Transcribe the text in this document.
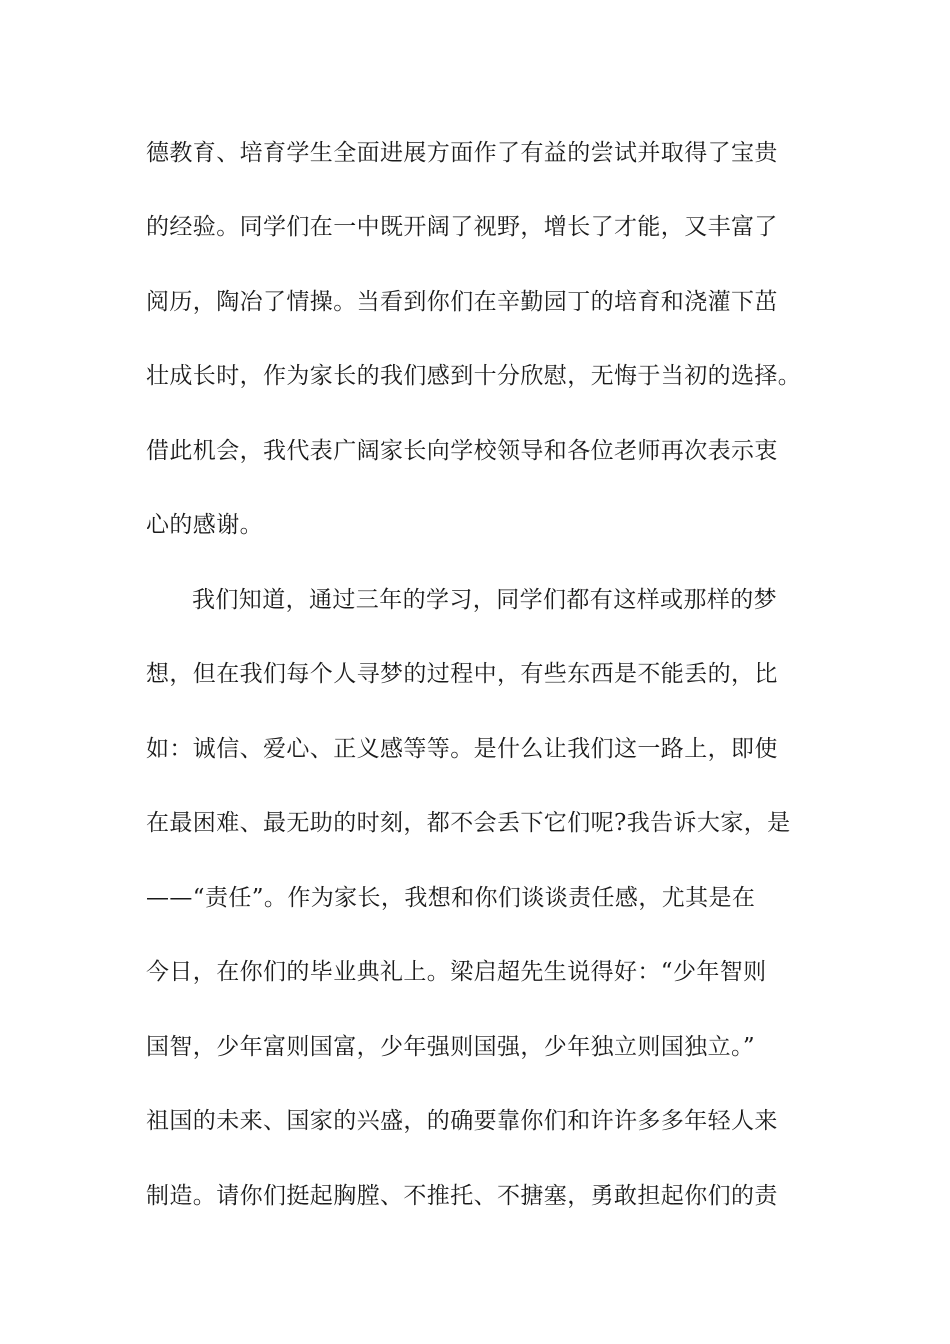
德教育、培育学生全面进展方面作了有益的尝试并取得了宝贵
的经验。同学们在一中既开阔了视野，增长了才能，又丰富了
阅历，陶冶了情操。当看到你们在辛勤园丁的培育和浇灌下茁
壮成长时，作为家长的我们感到十分欣慰，无悔于当初的选择。
借此机会，我代表广阔家长向学校领导和各位老师再次表示衷
心的感谢。
我们知道，通过三年的学习，同学们都有这样或那样的梦
想，但在我们每个人寻梦的过程中，有些东西是不能丢的，比
如：诚信、爱心、正义感等等。是什么让我们这一路上，即使
在最困难、最无助的时刻，都不会丢下它们呢?我告诉大家，是
——“责任”。作为家长，我想和你们谈谈责任感，尤其是在
今日，在你们的毕业典礼上。梁启超先生说得好：“少年智则
国智，少年富则国富，少年强则国强，少年独立则国独立。”
祖国的未来、国家的兴盛，的确要靠你们和许许多多年轻人来
制造。请你们挺起胸膛、不推托、不搪塞，勇敢担起你们的责
